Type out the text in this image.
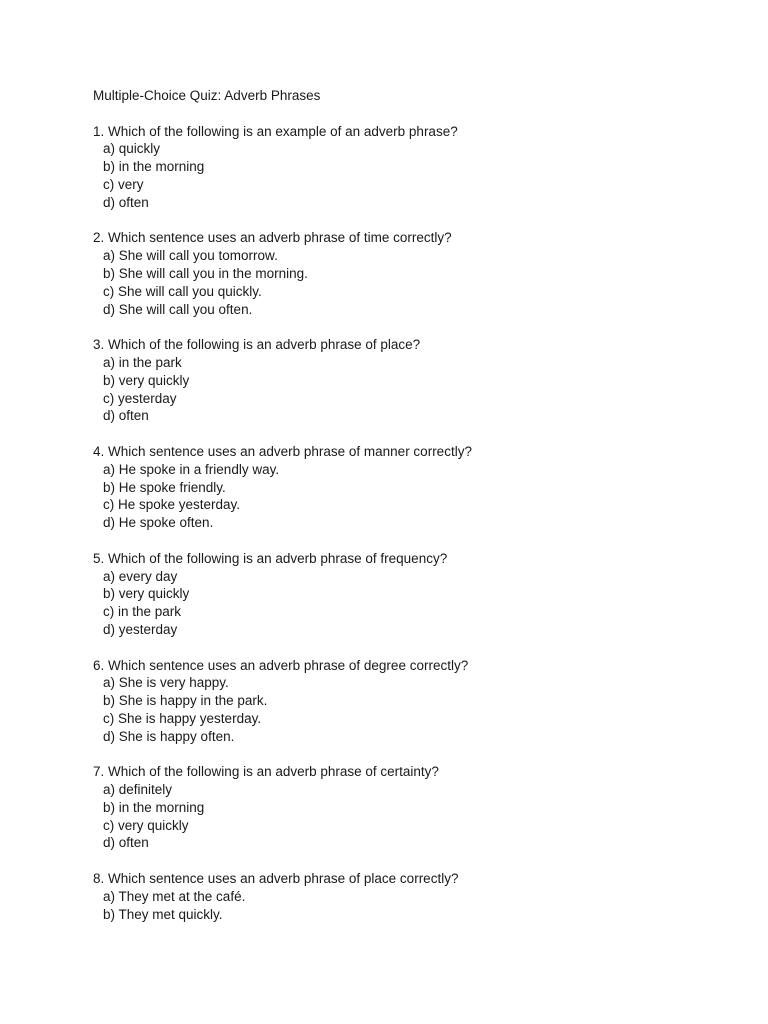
Multiple-Choice Quiz: Adverb Phrases
1. Which of the following is an example of an adverb phrase?
a) quickly
b) in the morning
c) very
d) often
2. Which sentence uses an adverb phrase of time correctly?
a) She will call you tomorrow.
b) She will call you in the morning.
c) She will call you quickly.
d) She will call you often.
3. Which of the following is an adverb phrase of place?
a) in the park
b) very quickly
c) yesterday
d) often
4. Which sentence uses an adverb phrase of manner correctly?
a) He spoke in a friendly way.
b) He spoke friendly.
c) He spoke yesterday.
d) He spoke often.
5. Which of the following is an adverb phrase of frequency?
a) every day
b) very quickly
c) in the park
d) yesterday
6. Which sentence uses an adverb phrase of degree correctly?
a) She is very happy.
b) She is happy in the park.
c) She is happy yesterday.
d) She is happy often.
7. Which of the following is an adverb phrase of certainty?
a) definitely
b) in the morning
c) very quickly
d) often
8. Which sentence uses an adverb phrase of place correctly?
a) They met at the café.
b) They met quickly.
